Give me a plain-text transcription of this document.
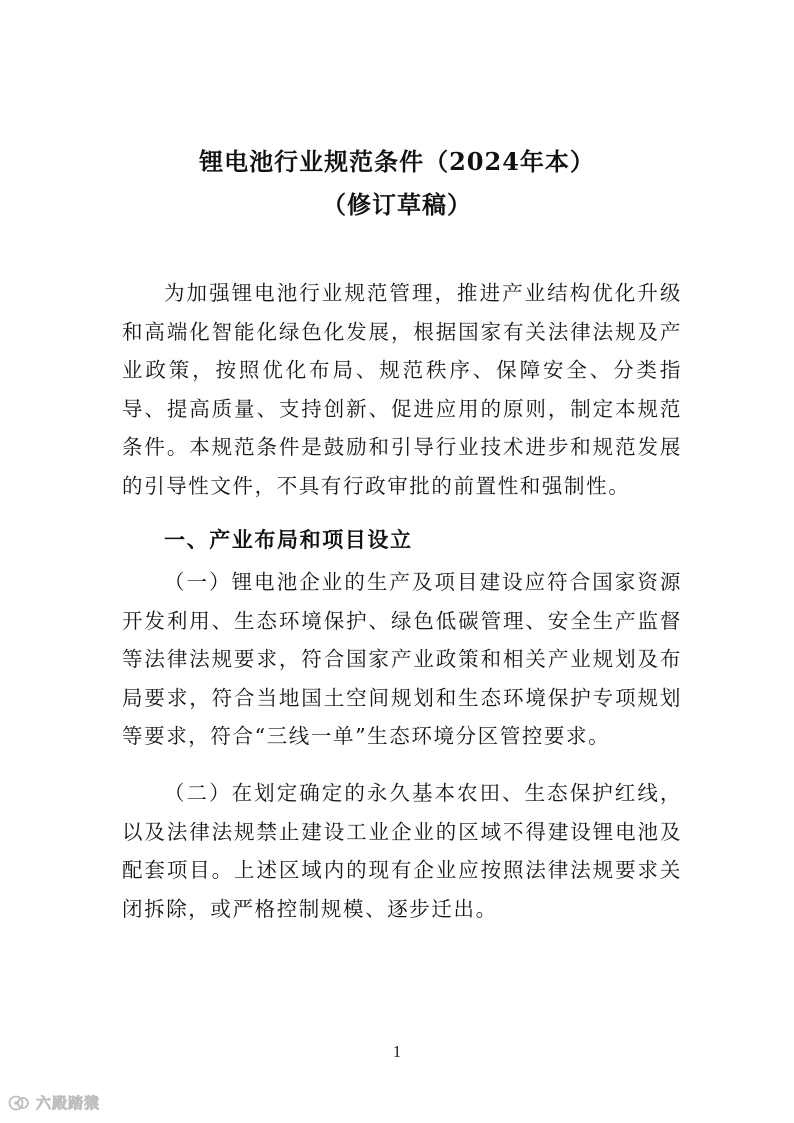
锂电池行业规范条件（2024年本）
（修订草稿）

为加强锂电池行业规范管理，推进产业结构优化升级和高端化智能化绿色化发展，根据国家有关法律法规及产业政策，按照优化布局、规范秩序、保障安全、分类指导、提高质量、支持创新、促进应用的原则，制定本规范条件。本规范条件是鼓励和引导行业技术进步和规范发展的引导性文件，不具有行政审批的前置性和强制性。

一、产业布局和项目设立

（一）锂电池企业的生产及项目建设应符合国家资源开发利用、生态环境保护、绿色低碳管理、安全生产监督等法律法规要求，符合国家产业政策和相关产业规划及布局要求，符合当地国土空间规划和生态环境保护专项规划等要求，符合“三线一单”生态环境分区管控要求。

（二）在划定确定的永久基本农田、生态保护红线，以及法律法规禁止建设工业企业的区域不得建设锂电池及配套项目。上述区域内的现有企业应按照法律法规要求关闭拆除，或严格控制规模、逐步迁出。

1
六殿踏猿
